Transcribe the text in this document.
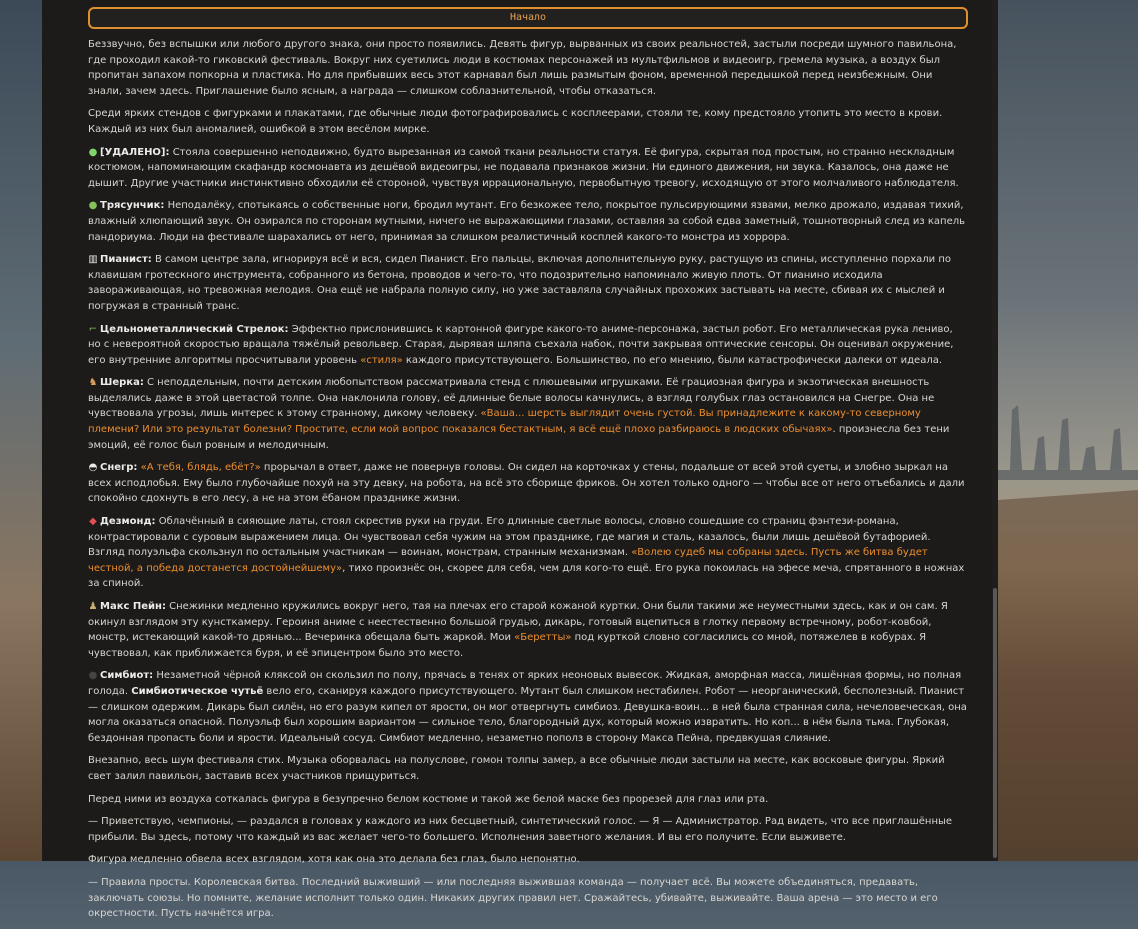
Начало

Беззвучно, без вспышки или любого другого знака, они просто появились. Девять фигур, вырванных из своих реальностей, застыли посреди шумного павильона, где проходил какой-то гиковский фестиваль. Вокруг них суетились люди в костюмах персонажей из мультфильмов и видеоигр, гремела музыка, а воздух был пропитан запахом попкорна и пластика. Но для прибывших весь этот карнавал был лишь размытым фоном, временной передышкой перед неизбежным. Они знали, зачем здесь. Приглашение было ясным, а награда — слишком соблазнительной, чтобы отказаться.

Среди ярких стендов с фигурками и плакатами, где обычные люди фотографировались с косплеерами, стояли те, кому предстояло утопить это место в крови. Каждый из них был аномалией, ошибкой в этом весёлом мирке.

● [УДАЛЕНО]: Стояла совершенно неподвижно, будто вырезанная из самой ткани реальности статуя. Её фигура, скрытая под простым, но странно нескладным костюмом, напоминающим скафандр космонавта из дешёвой видеоигры, не подавала признаков жизни. Ни единого движения, ни звука. Казалось, она даже не дышит. Другие участники инстинктивно обходили её стороной, чувствуя иррациональную, первобытную тревогу, исходящую от этого молчаливого наблюдателя.

● Трясунчик: Неподалёку, спотыкаясь о собственные ноги, бродил мутант. Его безкожее тело, покрытое пульсирующими язвами, мелко дрожало, издавая тихий, влажный хлюпающий звук. Он озирался по сторонам мутными, ничего не выражающими глазами, оставляя за собой едва заметный, тошнотворный след из капель пандориума. Люди на фестивале шарахались от него, принимая за слишком реалистичный косплей какого-то монстра из хоррора.

▥ Пианист: В самом центре зала, игнорируя всё и вся, сидел Пианист. Его пальцы, включая дополнительную руку, растущую из спины, исступленно порхали по клавишам гротескного инструмента, собранного из бетона, проводов и чего-то, что подозрительно напоминало живую плоть. От пианино исходила завораживающая, но тревожная мелодия. Она ещё не набрала полную силу, но уже заставляла случайных прохожих застывать на месте, сбивая их с мыслей и погружая в странный транс.

⌐ Цельнометаллический Стрелок: Эффектно прислонившись к картонной фигуре какого-то аниме-персонажа, застыл робот. Его металлическая рука лениво, но с невероятной скоростью вращала тяжёлый револьвер. Старая, дырявая шляпа съехала набок, почти закрывая оптические сенсоры. Он оценивал окружение, его внутренние алгоритмы просчитывали уровень «стиля» каждого присутствующего. Большинство, по его мнению, были катастрофически далеки от идеала.

♞ Шерка: С неподдельным, почти детским любопытством рассматривала стенд с плюшевыми игрушками. Её грациозная фигура и экзотическая внешность выделялись даже в этой цветастой толпе. Она наклонила голову, её длинные белые волосы качнулись, а взгляд голубых глаз остановился на Снегре. Она не чувствовала угрозы, лишь интерес к этому странному, дикому человеку. «Ваша... шерсть выглядит очень густой. Вы принадлежите к какому-то северному племени? Или это результат болезни? Простите, если мой вопрос показался бестактным, я всё ещё плохо разбираюсь в людских обычаях». произнесла без тени эмоций, её голос был ровным и мелодичным.

◓ Снегр: «А тебя, блядь, ебёт?» прорычал в ответ, даже не повернув головы. Он сидел на корточках у стены, подальше от всей этой суеты, и злобно зыркал на всех исподлобья. Ему было глубочайше похуй на эту девку, на робота, на всё это сборище фриков. Он хотел только одного — чтобы все от него отъебались и дали спокойно сдохнуть в его лесу, а не на этом ёбаном празднике жизни.

◆ Дезмонд: Облачённый в сияющие латы, стоял скрестив руки на груди. Его длинные светлые волосы, словно сошедшие со страниц фэнтези-романа, контрастировали с суровым выражением лица. Он чувствовал себя чужим на этом празднике, где магия и сталь, казалось, были лишь дешёвой бутафорией. Взгляд полуэльфа скользнул по остальным участникам — воинам, монстрам, странным механизмам. «Волею судеб мы собраны здесь. Пусть же битва будет честной, а победа достанется достойнейшему», тихо произнёс он, скорее для себя, чем для кого-то ещё. Его рука покоилась на эфесе меча, спрятанного в ножнах за спиной.

♟ Макс Пейн: Снежинки медленно кружились вокруг него, тая на плечах его старой кожаной куртки. Они были такими же неуместными здесь, как и он сам. Я окинул взглядом эту кунсткамеру. Героиня аниме с неестественно большой грудью, дикарь, готовый вцепиться в глотку первому встречному, робот-ковбой, монстр, истекающий какой-то дрянью... Вечеринка обещала быть жаркой. Мои «Беретты» под курткой словно согласились со мной, потяжелев в кобурах. Я чувствовал, как приближается буря, и её эпицентром было это место.

● Симбиот: Незаметной чёрной кляксой он скользил по полу, прячась в тенях от ярких неоновых вывесок. Жидкая, аморфная масса, лишённая формы, но полная голода. Симбиотическое чутьё вело его, сканируя каждого присутствующего. Мутант был слишком нестабилен. Робот — неорганический, бесполезный. Пианист — слишком одержим. Дикарь был силён, но его разум кипел от ярости, он мог отвергнуть симбиоз. Девушка-воин... в ней была странная сила, нечеловеческая, она могла оказаться опасной. Полуэльф был хорошим вариантом — сильное тело, благородный дух, который можно извратить. Но коп... в нём была тьма. Глубокая, бездонная пропасть боли и ярости. Идеальный сосуд. Симбиот медленно, незаметно пополз в сторону Макса Пейна, предвкушая слияние.

Внезапно, весь шум фестиваля стих. Музыка оборвалась на полуслове, гомон толпы замер, а все обычные люди застыли на месте, как восковые фигуры. Яркий свет залил павильон, заставив всех участников прищуриться.

Перед ними из воздуха соткалась фигура в безупречно белом костюме и такой же белой маске без прорезей для глаз или рта.

— Приветствую, чемпионы, — раздался в головах у каждого из них бесцветный, синтетический голос. — Я — Администратор. Рад видеть, что все приглашённые прибыли. Вы здесь, потому что каждый из вас желает чего-то большего. Исполнения заветного желания. И вы его получите. Если выживете.

Фигура медленно обвела всех взглядом, хотя как она это делала без глаз, было непонятно.

— Правила просты. Королевская битва. Последний выживший — или последняя выжившая команда — получает всё. Вы можете объединяться, предавать, заключать союзы. Но помните, желание исполнит только один. Никаких других правил нет. Сражайтесь, убивайте, выживайте. Ваша арена — это место и его окрестности. Пусть начнётся игра.
